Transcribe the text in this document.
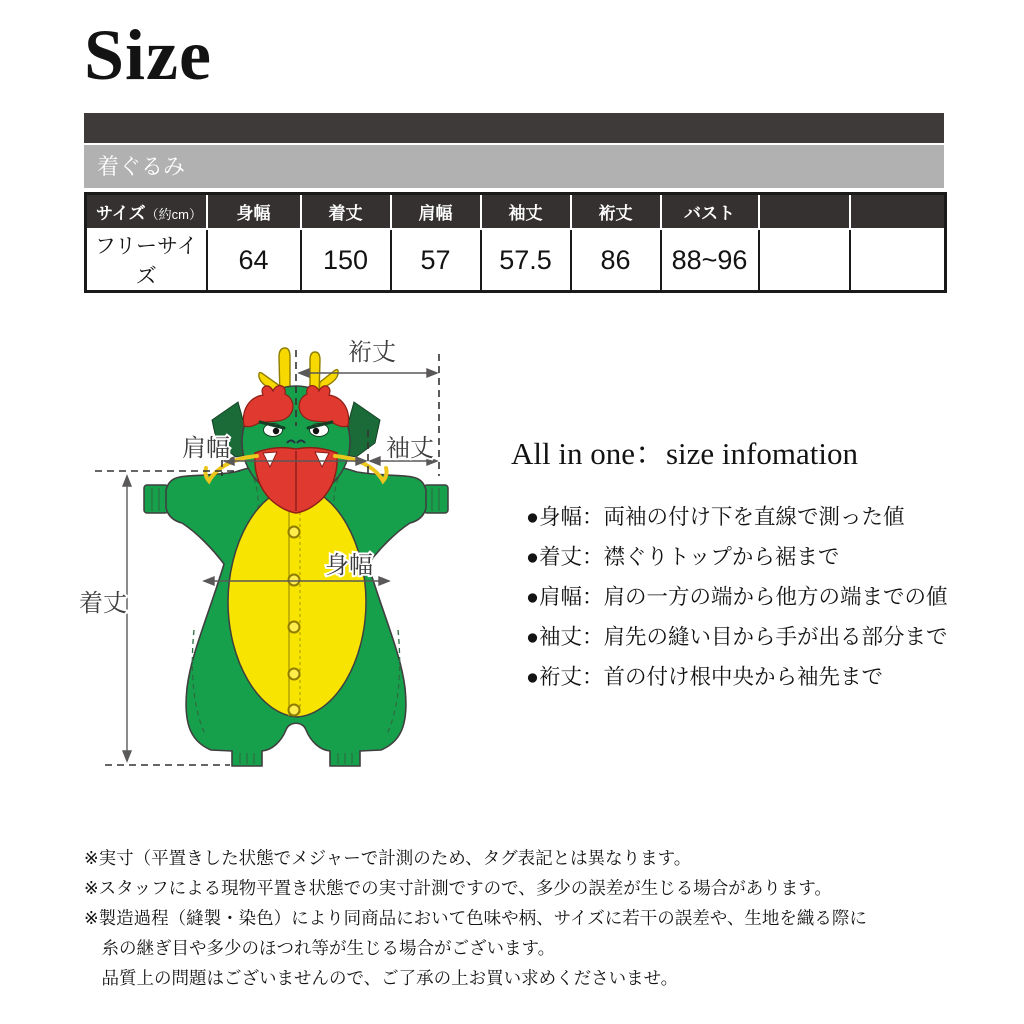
Size
着ぐるみ
サイズ（約cm）	身幅	着丈	肩幅	袖丈	裄丈	バスト		
フリーサイズ	64	150	57	57.5	86	88~96		
裄丈
肩幅	袖丈
身幅
着丈
All in one：size infomation
●身幅：両袖の付け下を直線で測った値
●着丈：襟ぐりトップから裾まで
●肩幅：肩の一方の端から他方の端までの値
●袖丈：肩先の縫い目から手が出る部分まで
●裄丈：首の付け根中央から袖先まで
※実寸（平置きした状態でメジャーで計測のため、タグ表記とは異なります。
※スタッフによる現物平置き状態での実寸計測ですので、多少の誤差が生じる場合があります。
※製造過程（縫製・染色）により同商品において色味や柄、サイズに若干の誤差や、生地を織る際に
　糸の継ぎ目や多少のほつれ等が生じる場合がございます。
　品質上の問題はございませんので、ご了承の上お買い求めくださいませ。
